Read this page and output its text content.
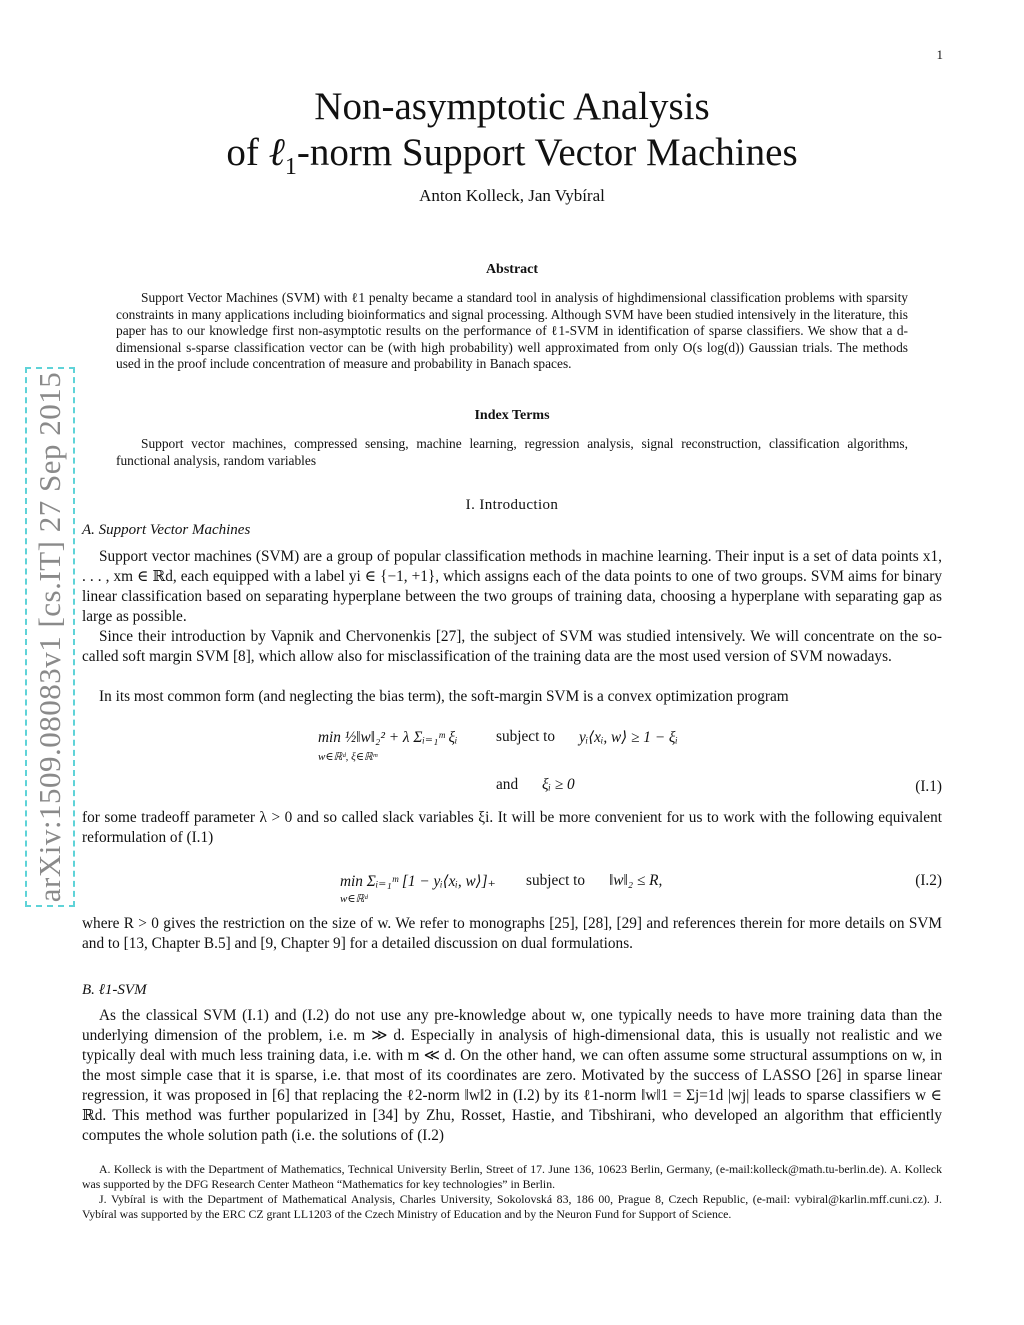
1
arXiv:1509.08083v1 [cs.IT] 27 Sep 2015
Non-asymptotic Analysis
of ℓ$_1$-norm Support Vector Machines
Anton Kolleck, Jan Vybíral
Abstract
Support Vector Machines (SVM) with ℓ1 penalty became a standard tool in analysis of highdimensional classification problems with sparsity constraints in many applications including bioinformatics and signal processing. Although SVM have been studied intensively in the literature, this paper has to our knowledge first non-asymptotic results on the performance of ℓ1-SVM in identification of sparse classifiers. We show that a d-dimensional s-sparse classification vector can be (with high probability) well approximated from only O(s log(d)) Gaussian trials. The methods used in the proof include concentration of measure and probability in Banach spaces.
Index Terms
Support vector machines, compressed sensing, machine learning, regression analysis, signal reconstruction, classification algorithms, functional analysis, random variables
I. Introduction
A. Support Vector Machines
Support vector machines (SVM) are a group of popular classification methods in machine learning. Their input is a set of data points x1, . . . , xm ∈ ℝd, each equipped with a label yi ∈ {−1, +1}, which assigns each of the data points to one of two groups. SVM aims for binary linear classification based on separating hyperplane between the two groups of training data, choosing a hyperplane with separating gap as large as possible.
Since their introduction by Vapnik and Chervonenkis [27], the subject of SVM was studied intensively. We will concentrate on the so-called soft margin SVM [8], which allow also for misclassification of the training data are the most used version of SVM nowadays.
In its most common form (and neglecting the bias term), the soft-margin SVM is a convex optimization program
min ½‖w‖₂² + λ Σᵢ₌₁ᵐ ξᵢ
w∈ℝᵈ, ξ∈ℝᵐ
subject to yᵢ⟨xᵢ, w⟩ ≥ 1 − ξᵢ
and ξᵢ ≥ 0	(I.1)
for some tradeoff parameter λ > 0 and so called slack variables ξi. It will be more convenient for us to work with the following equivalent reformulation of (I.1)
min Σᵢ₌₁ᵐ [1 − yᵢ⟨xᵢ, w⟩]₊
w∈ℝᵈ
subject to ‖w‖₂ ≤ R,	(I.2)
where R > 0 gives the restriction on the size of w. We refer to monographs [25], [28], [29] and references therein for more details on SVM and to [13, Chapter B.5] and [9, Chapter 9] for a detailed discussion on dual formulations.
B. ℓ1-SVM
As the classical SVM (I.1) and (I.2) do not use any pre-knowledge about w, one typically needs to have more training data than the underlying dimension of the problem, i.e. m ≫ d. Especially in analysis of high-dimensional data, this is usually not realistic and we typically deal with much less training data, i.e. with m ≪ d. On the other hand, we can often assume some structural assumptions on w, in the most simple case that it is sparse, i.e. that most of its coordinates are zero. Motivated by the success of LASSO [26] in sparse linear regression, it was proposed in [6] that replacing the ℓ2-norm ‖w‖2 in (I.2) by its ℓ1-norm ‖w‖1 = Σj=1d |wj| leads to sparse classifiers w ∈ ℝd. This method was further popularized in [34] by Zhu, Rosset, Hastie, and Tibshirani, who developed an algorithm that efficiently computes the whole solution path (i.e. the solutions of (I.2)
A. Kolleck is with the Department of Mathematics, Technical University Berlin, Street of 17. June 136, 10623 Berlin, Germany, (e-mail:kolleck@math.tu-berlin.de). A. Kolleck was supported by the DFG Research Center Matheon “Mathematics for key technologies” in Berlin.
J. Vybíral is with the Department of Mathematical Analysis, Charles University, Sokolovská 83, 186 00, Prague 8, Czech Republic, (e-mail: vybiral@karlin.mff.cuni.cz). J. Vybíral was supported by the ERC CZ grant LL1203 of the Czech Ministry of Education and by the Neuron Fund for Support of Science.
